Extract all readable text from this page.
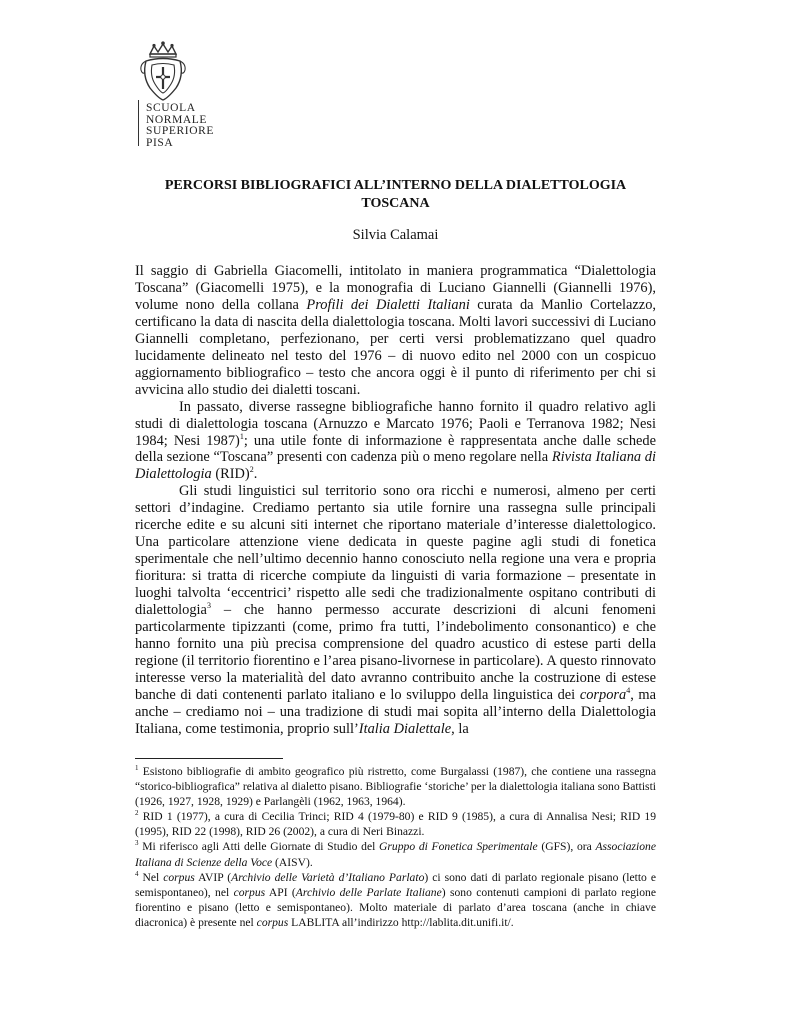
SCUOLA
NORMALE
SUPERIORE
PISA
PERCORSI BIBLIOGRAFICI ALL’INTERNO DELLA DIALETTOLOGIA TOSCANA

Silvia Calamai

Il saggio di Gabriella Giacomelli, intitolato in maniera programmatica “Dialettologia Toscana” (Giacomelli 1975), e la monografia di Luciano Giannelli (Giannelli 1976), volume nono della collana Profili dei Dialetti Italiani curata da Manlio Cortelazzo, certificano la data di nascita della dialettologia toscana. Molti lavori successivi di Luciano Giannelli completano, perfezionano, per certi versi problematizzano quel quadro lucidamente delineato nel testo del 1976 – di nuovo edito nel 2000 con un cospicuo aggiornamento bibliografico – testo che ancora oggi è il punto di riferimento per chi si avvicina allo studio dei dialetti toscani.

In passato, diverse rassegne bibliografiche hanno fornito il quadro relativo agli studi di dialettologia toscana (Arnuzzo e Marcato 1976; Paoli e Terranova 1982; Nesi 1984; Nesi 1987)$^1$; una utile fonte di informazione è rappresentata anche dalle schede della sezione “Toscana” presenti con cadenza più o meno regolare nella Rivista Italiana di Dialettologia (RID)$^2$.

Gli studi linguistici sul territorio sono ora ricchi e numerosi, almeno per certi settori d’indagine. Crediamo pertanto sia utile fornire una rassegna sulle principali ricerche edite e su alcuni siti internet che riportano materiale d’interesse dialettologico. Una particolare attenzione viene dedicata in queste pagine agli studi di fonetica sperimentale che nell’ultimo decennio hanno conosciuto nella regione una vera e propria fioritura: si tratta di ricerche compiute da linguisti di varia formazione – presentate in luoghi talvolta ‘eccentrici’ rispetto alle sedi che tradizionalmente ospitano contributi di dialettologia$^3$ – che hanno permesso accurate descrizioni di alcuni fenomeni particolarmente tipizzanti (come, primo fra tutti, l’indebolimento consonantico) e che hanno fornito una più precisa comprensione del quadro acustico di estese parti della regione (il territorio fiorentino e l’area pisano-livornese in particolare). A questo rinnovato interesse verso la materialità del dato avranno contribuito anche la costruzione di estese banche di dati contenenti parlato italiano e lo sviluppo della linguistica dei corpora$^4$, ma anche – crediamo noi – una tradizione di studi mai sopita all’interno della Dialettologia Italiana, come testimonia, proprio sull’Italia Dialettale, la

$^1$ Esistono bibliografie di ambito geografico più ristretto, come Burgalassi (1987), che contiene una rassegna “storico-bibliografica” relativa al dialetto pisano. Bibliografie ‘storiche’ per la dialettologia italiana sono Battisti (1926, 1927, 1928, 1929) e Parlangèli (1962, 1963, 1964).

$^2$ RID 1 (1977), a cura di Cecilia Trinci; RID 4 (1979-80) e RID 9 (1985), a cura di Annalisa Nesi; RID 19 (1995), RID 22 (1998), RID 26 (2002), a cura di Neri Binazzi.

$^3$ Mi riferisco agli Atti delle Giornate di Studio del Gruppo di Fonetica Sperimentale (GFS), ora Associazione Italiana di Scienze della Voce (AISV).

$^4$ Nel corpus AVIP (Archivio delle Varietà d’Italiano Parlato) ci sono dati di parlato regionale pisano (letto e semispontaneo), nel corpus API (Archivio delle Parlate Italiane) sono contenuti campioni di parlato regione fiorentino e pisano (letto e semispontaneo). Molto materiale di parlato d’area toscana (anche in chiave diacronica) è presente nel corpus LABLITA all’indirizzo http://lablita.dit.unifi.it/.
